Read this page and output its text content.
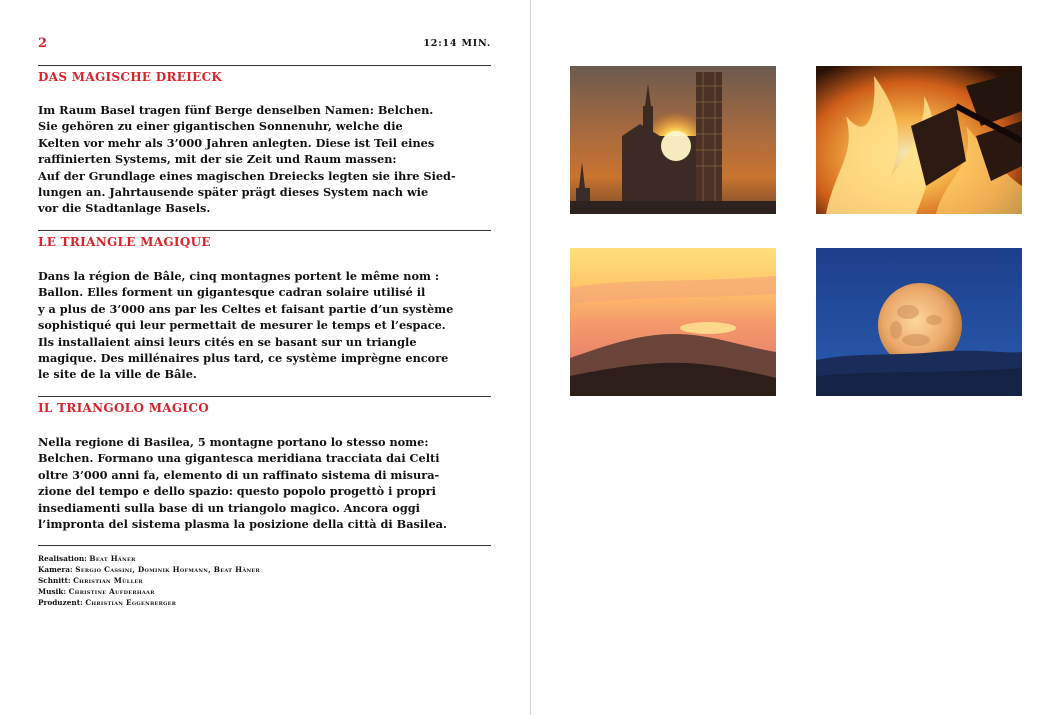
2	12:14 MIN.
DAS MAGISCHE DREIECK
Im Raum Basel tragen fünf Berge denselben Namen: Belchen.
Sie gehören zu einer gigantischen Sonnenuhr, welche die
Kelten vor mehr als 3’000 Jahren anlegten. Diese ist Teil eines
raffinierten Systems, mit der sie Zeit und Raum massen:
Auf der Grundlage eines magischen Dreiecks legten sie ihre Sied-
lungen an. Jahrtausende später prägt dieses System nach wie
vor die Stadtanlage Basels.
LE TRIANGLE MAGIQUE
Dans la région de Bâle, cinq montagnes portent le même nom :
Ballon. Elles forment un gigantesque cadran solaire utilisé il
y a plus de 3’000 ans par les Celtes et faisant partie d’un système
sophistiqué qui leur permettait de mesurer le temps et l’espace.
Ils installaient ainsi leurs cités en se basant sur un triangle
magique. Des millénaires plus tard, ce système imprègne encore
le site de la ville de Bâle.
IL TRIANGOLO MAGICO
Nella regione di Basilea, 5 montagne portano lo stesso nome:
Belchen. Formano una gigantesca meridiana tracciata dai Celti
oltre 3’000 anni fa, elemento di un raffinato sistema di misura-
zione del tempo e dello spazio: questo popolo progettò i propri
insediamenti sulla base di un triangolo magico. Ancora oggi
l’impronta del sistema plasma la posizione della città di Basilea.
Realisation: Beat Häner
Kamera: Sergio Cassini, Dominik Hofmann, Beat Häner
Schnitt: Christian Müller
Musik: Christine Aufderhaar
Produzent: Christian Eggenberger
